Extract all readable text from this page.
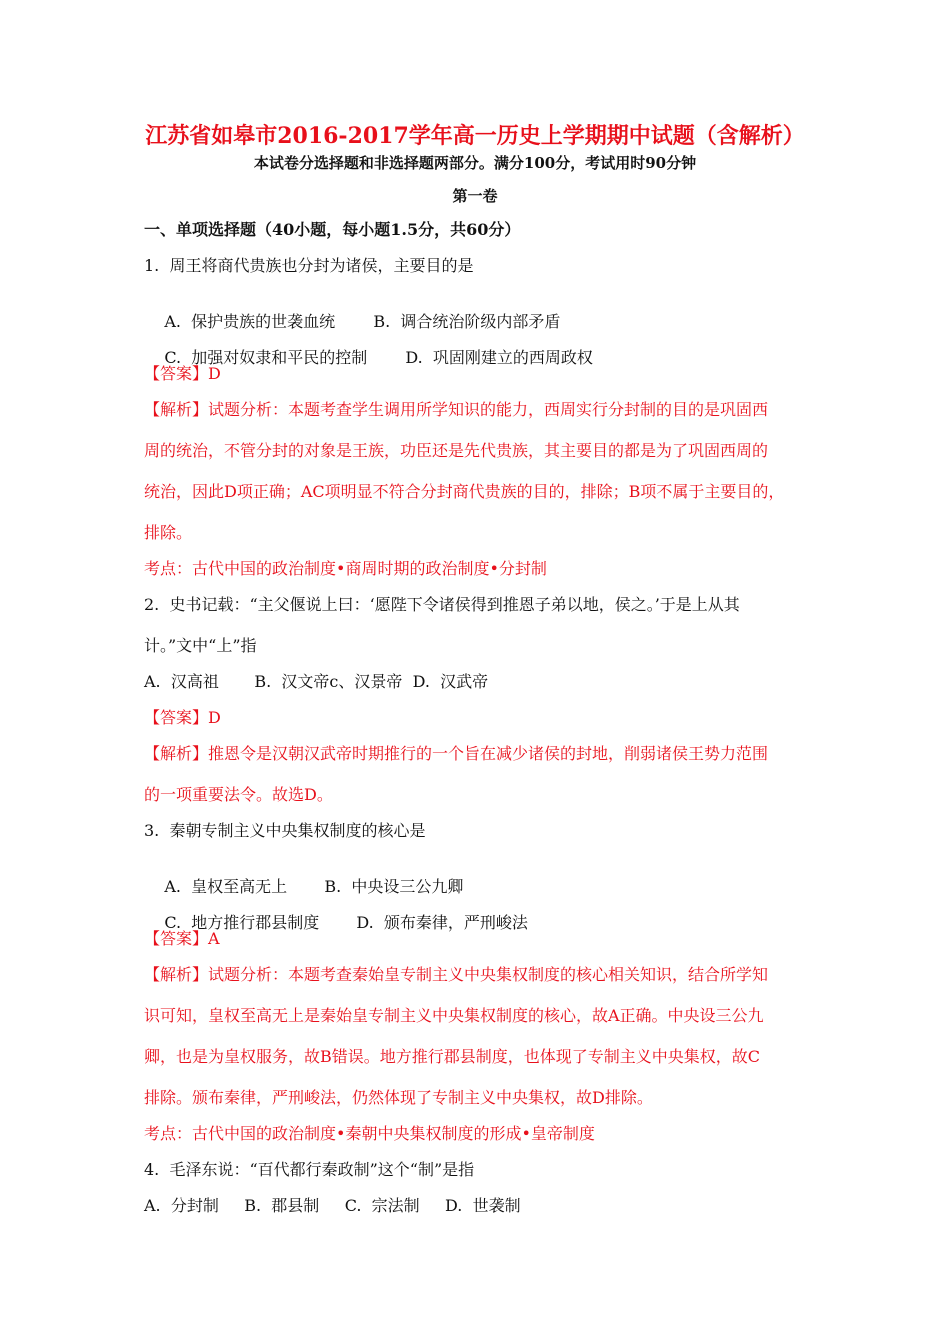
江苏省如皋市2016-2017学年高一历史上学期期中试题（含解析）
本试卷分选择题和非选择题两部分。满分100分，考试用时90分钟
第一卷
一、单项选择题（40小题，每小题1.5分，共60分）
1.  周王将商代贵族也分封为诸侯，主要目的是

A.  保护贵族的世袭血统 B.  调合统治阶级内部矛盾

C.  加强对奴隶和平民的控制 D.  巩固刚建立的西周政权

【答案】D
【解析】试题分析：本题考查学生调用所学知识的能力，西周实行分封制的目的是巩固西
周的统治，不管分封的对象是王族，功臣还是先代贵族，其主要目的都是为了巩固西周的
统治，因此D项正确；AC项明显不符合分封商代贵族的目的，排除；B项不属于主要目的，
排除。
考点：古代中国的政治制度•商周时期的政治制度•分封制
2.  史书记载：“主父偃说上曰：‘愿陛下令诸侯得到推恩子弟以地，侯之。’于是上从其
计。”文中“上”指
A.  汉高祖       B.  汉文帝c、汉景帝  D.  汉武帝
【答案】D
【解析】推恩令是汉朝汉武帝时期推行的一个旨在减少诸侯的封地，削弱诸侯王势力范围
的一项重要法令。故选D。
3.  秦朝专制主义中央集权制度的核心是

A.  皇权至高无上 B.  中央设三公九卿

C.  地方推行郡县制度 D.  颁布秦律，严刑峻法

【答案】A
【解析】试题分析：本题考查秦始皇专制主义中央集权制度的核心相关知识，结合所学知
识可知，皇权至高无上是秦始皇专制主义中央集权制度的核心，故A正确。中央设三公九
卿，也是为皇权服务，故B错误。地方推行郡县制度，也体现了专制主义中央集权，故C
排除。颁布秦律，严刑峻法，仍然体现了专制主义中央集权，故D排除。
考点：古代中国的政治制度•秦朝中央集权制度的形成•皇帝制度
4.  毛泽东说：“百代都行秦政制”这个“制”是指
A.  分封制     B.  郡县制     C.  宗法制     D.  世袭制
